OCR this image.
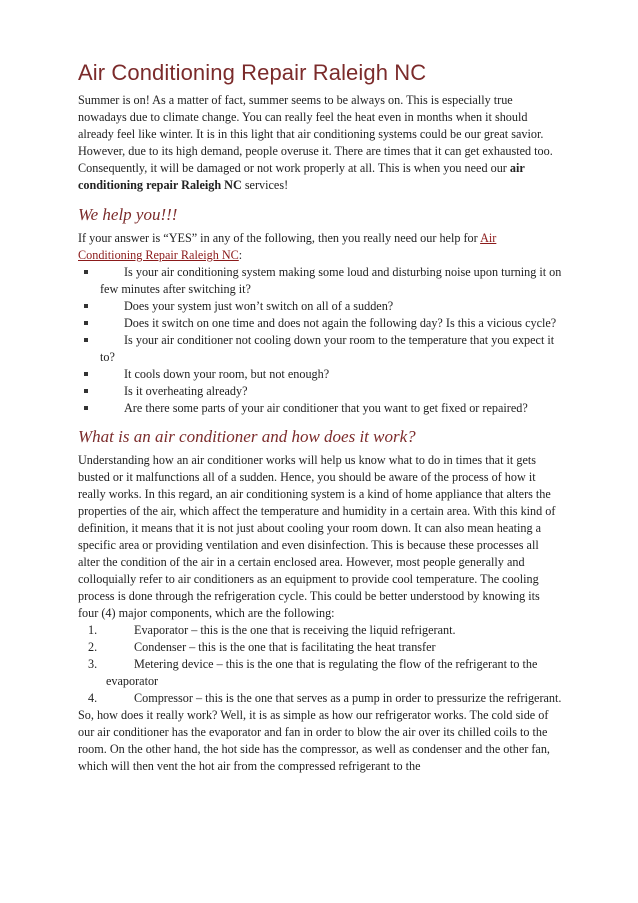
Air Conditioning Repair Raleigh NC

Summer is on! As a matter of fact, summer seems to be always on. This is especially true nowadays due to climate change. You can really feel the heat even in months when it should already feel like winter. It is in this light that air conditioning systems could be our great savior. However, due to its high demand, people overuse it. There are times that it can get exhausted too. Consequently, it will be damaged or not work properly at all. This is when you need our air conditioning repair Raleigh NC services!

We help you!!!

If your answer is “YES” in any of the following, then you really need our help for Air Conditioning Repair Raleigh NC:

Is your air conditioning system making some loud and disturbing noise upon turning it on few minutes after switching it?
Does your system just won’t switch on all of a sudden?
Does it switch on one time and does not again the following day? Is this a vicious cycle?
Is your air conditioner not cooling down your room to the temperature that you expect it to?
It cools down your room, but not enough?
Is it overheating already?
Are there some parts of your air conditioner that you want to get fixed or repaired?
What is an air conditioner and how does it work?

Understanding how an air conditioner works will help us know what to do in times that it gets busted or it malfunctions all of a sudden. Hence, you should be aware of the process of how it really works. In this regard, an air conditioning system is a kind of home appliance that alters the properties of the air, which affect the temperature and humidity in a certain area. With this kind of definition, it means that it is not just about cooling your room down. It can also mean heating a specific area or providing ventilation and even disinfection. This is because these processes all alter the condition of the air in a certain enclosed area. However, most people generally and colloquially refer to air conditioners as an equipment to provide cool temperature. The cooling process is done through the refrigeration cycle. This could be better understood by knowing its four (4) major components, which are the following:

1.	Evaporator – this is the one that is receiving the liquid refrigerant.
2.	Condenser – this is the one that is facilitating the heat transfer
3.	Metering device – this is the one that is regulating the flow of the refrigerant to the evaporator
4.	Compressor – this is the one that serves as a pump in order to pressurize the refrigerant.

So, how does it really work? Well, it is as simple as how our refrigerator works. The cold side of our air conditioner has the evaporator and fan in order to blow the air over its chilled coils to the room. On the other hand, the hot side has the compressor, as well as condenser and the other fan, which will then vent the hot air from the compressed refrigerant to the
